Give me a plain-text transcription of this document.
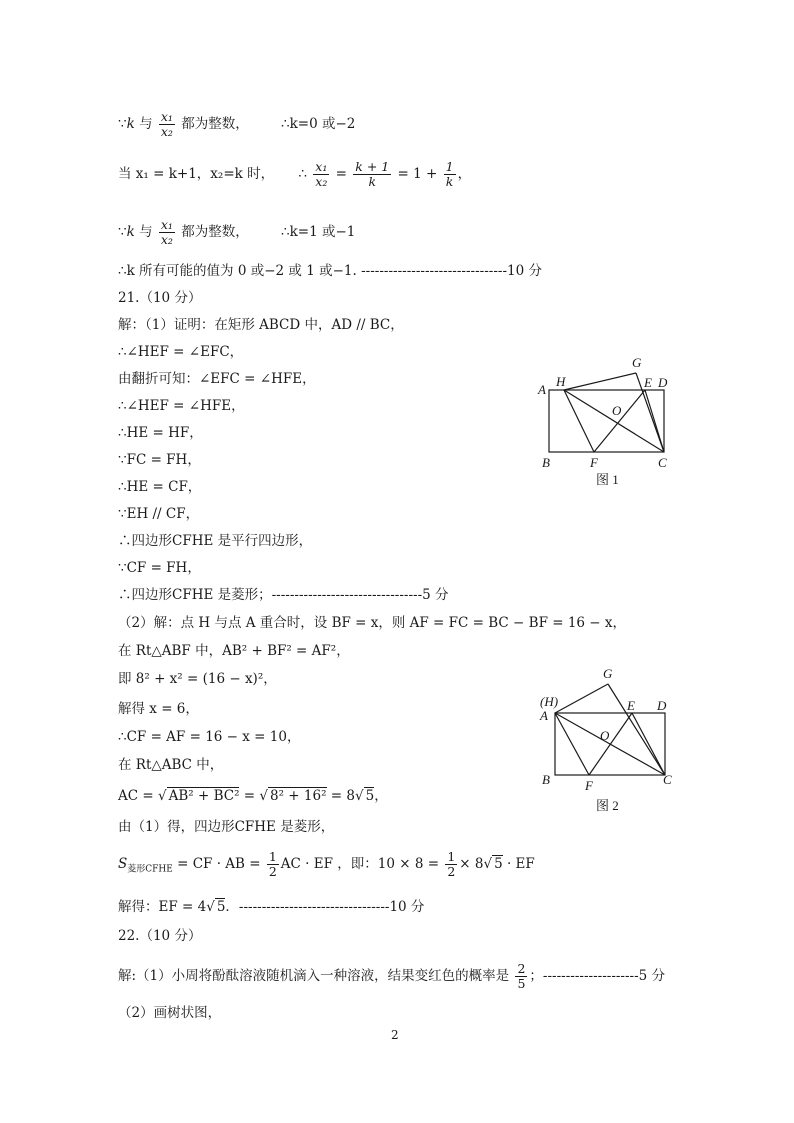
∵k 与 $\frac{\text{x₁}}{\text{x₂}}$ 都为整数， ∴k=0 或−2
当 x₁ = k+1，x₂=k 时， ∴ $\frac{\text{x₁}}{\text{x₂}} = \frac{k + 1}{k} = 1 + \frac{1}{k}$ ，
∵k 与 $\frac{\text{x₁}}{\text{x₂}}$ 都为整数， ∴k=1 或−1
∴k 所有可能的值为 0 或−2 或 1 或−1. --------------------------------10 分
21.（10 分）
解：（1）证明：在矩形 ABCD 中，AD // BC，
∴∠HEF = ∠EFC，
由翻折可知：∠EFC = ∠HFE，
∴∠HEF = ∠HFE，
∴HE = HF，
∵FC = FH，
∴HE = CF，
∵EH // CF，
∴四边形CFHE 是平行四边形，
∵CF = FH，
∴四边形CFHE 是菱形；---------------------------------5 分
（2）解：点 H 与点 A 重合时，设 BF = x，则 AF = FC = BC − BF = 16 − x，
在 Rt△ABF 中，AB² + BF² = AF²，
即 8² + x² = (16 − x)²，
解得 x = 6，
∴CF = AF = 16 − x = 10，
在 Rt△ABC 中，
AC = √ AB² + BC² = √ 8² + 16² = 8√ 5，
由（1）得，四边形CFHE 是菱形，
$S_{菱形CFHE}$ = CF · AB = $\frac{1}{2}$ AC · EF ，即：$10 \times 8 = \frac{1}{2} \times 8√$ 5 · EF
解得：EF = 4√ 5．---------------------------------10 分
22.（10 分）
解:（1）小周将酚酞溶液随机滴入一种溶液，结果变红色的概率是 $\frac{2}{5}$ ；---------------------5 分
（2）画树状图，
2
A
H
G
E D
O
B	F	C
图 1
(H)
A
G
E D
O
B	F	C
图 2
